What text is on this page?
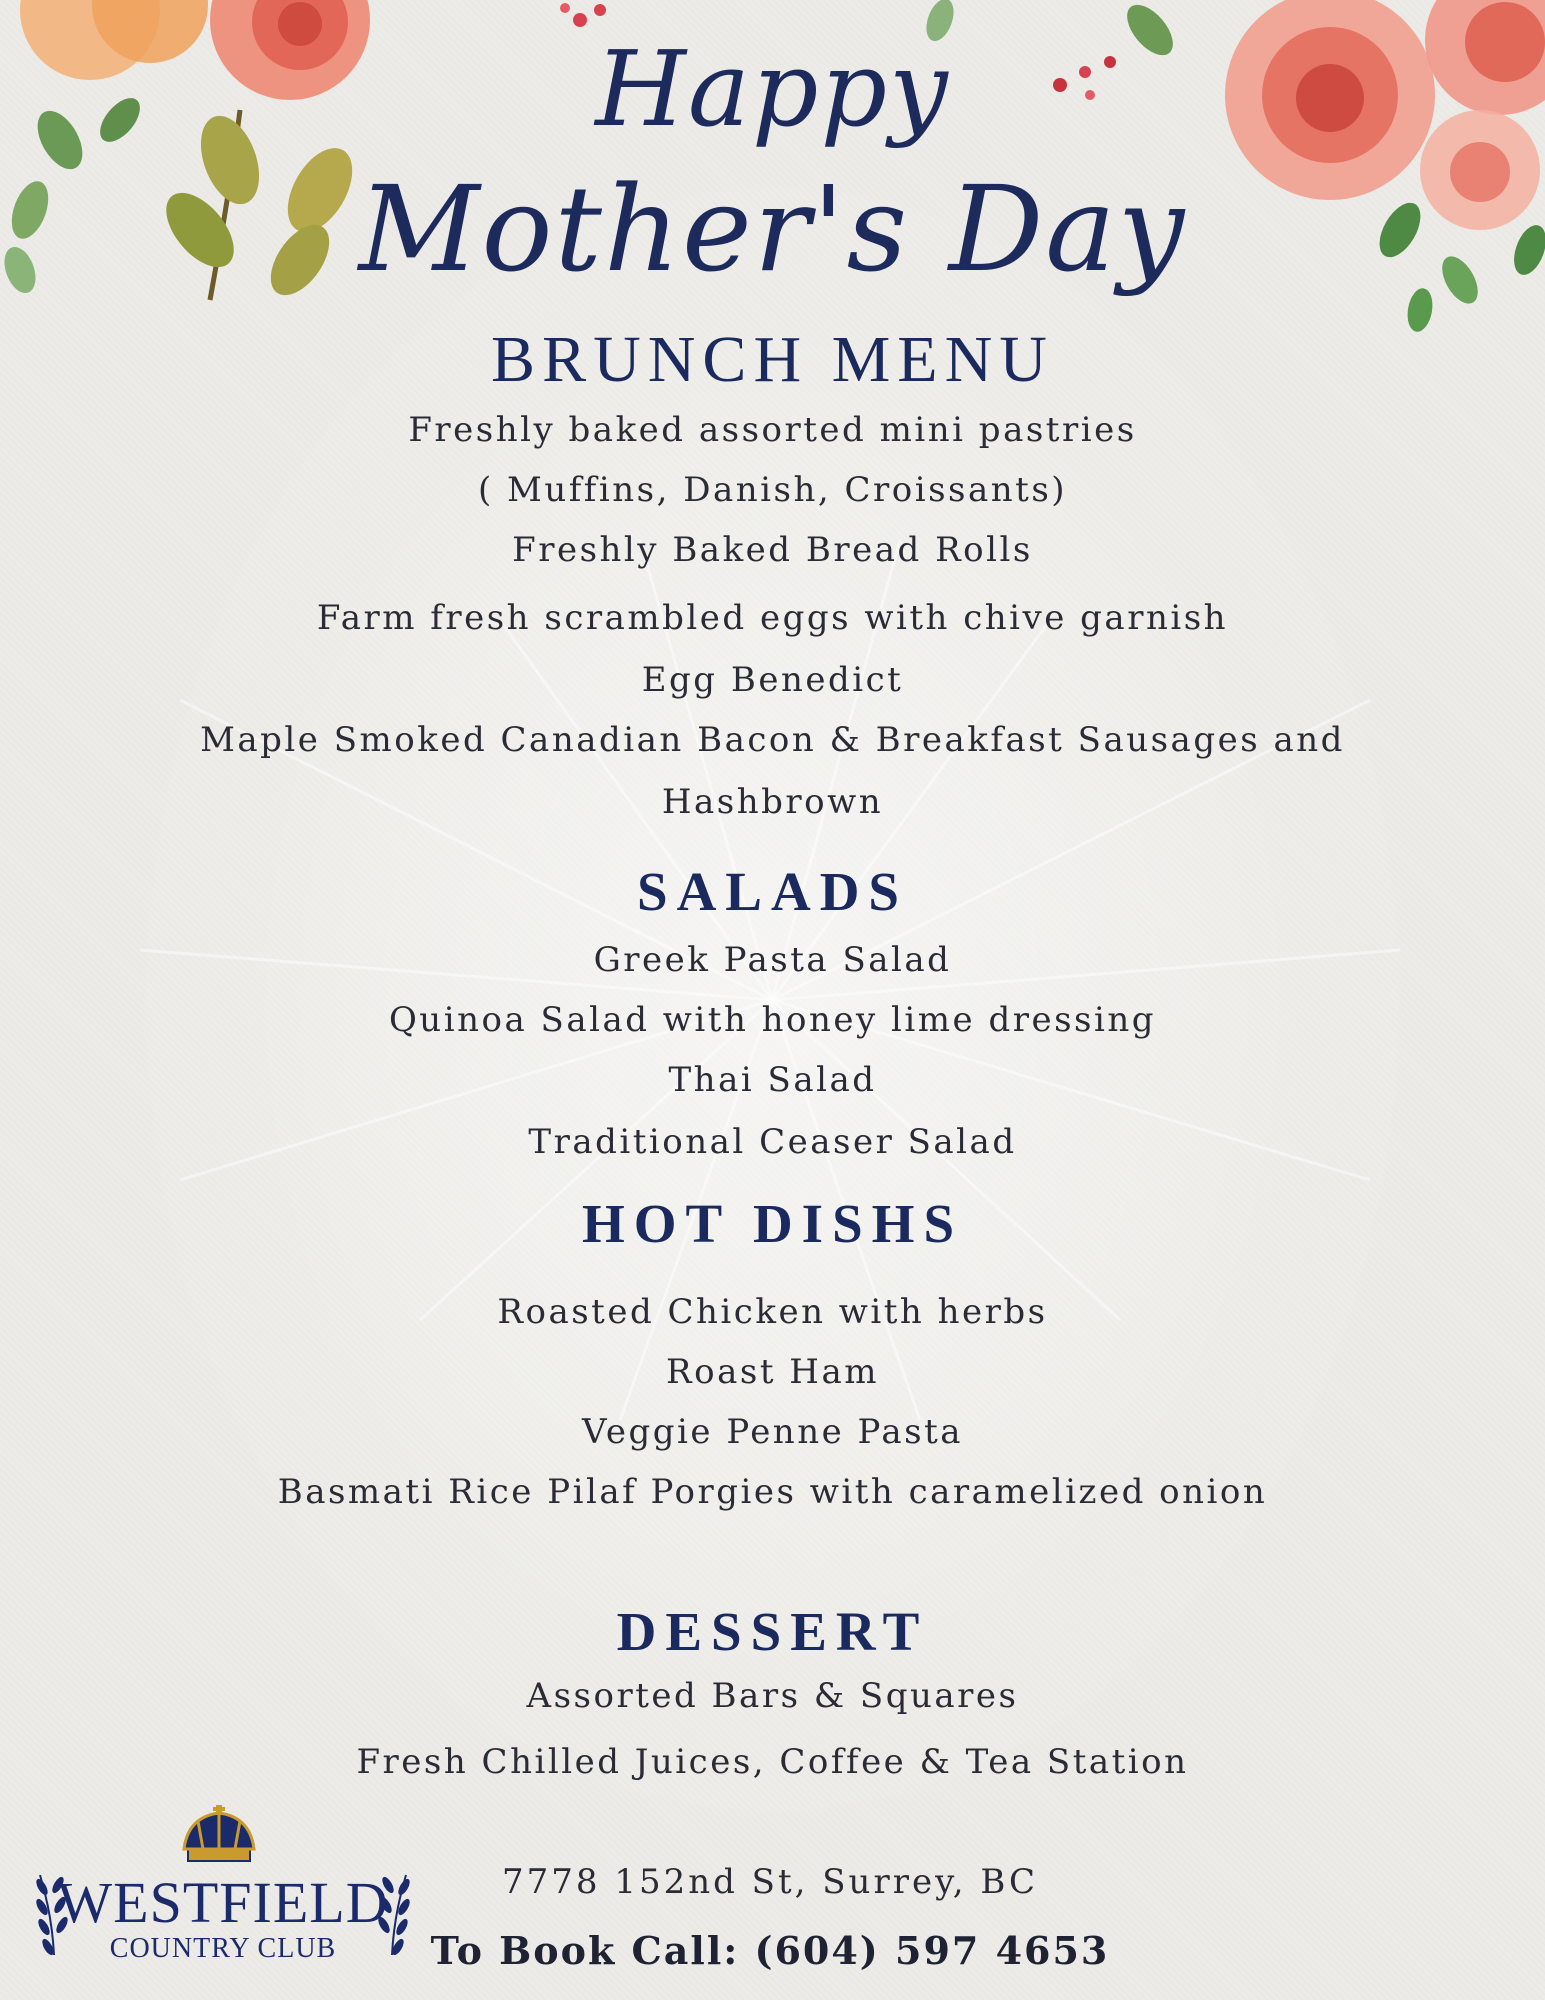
Happy
Mother's Day
BRUNCH MENU
Freshly baked assorted mini pastries
( Muffins, Danish, Croissants)
Freshly Baked Bread Rolls
Farm fresh scrambled eggs with chive garnish
Egg Benedict
Maple Smoked Canadian Bacon & Breakfast Sausages and
Hashbrown
SALADS
Greek Pasta Salad
Quinoa Salad with honey lime dressing
Thai Salad
Traditional Ceaser Salad
HOT DISHS
Roasted Chicken with herbs
Roast Ham
Veggie Penne Pasta
Basmati Rice Pilaf Porgies with caramelized onion
DESSERT
Assorted Bars & Squares
Fresh Chilled Juices, Coffee & Tea Station
WESTFIELD
COUNTRY CLUB
7778 152nd St, Surrey, BC
To Book Call: (604) 597 4653
